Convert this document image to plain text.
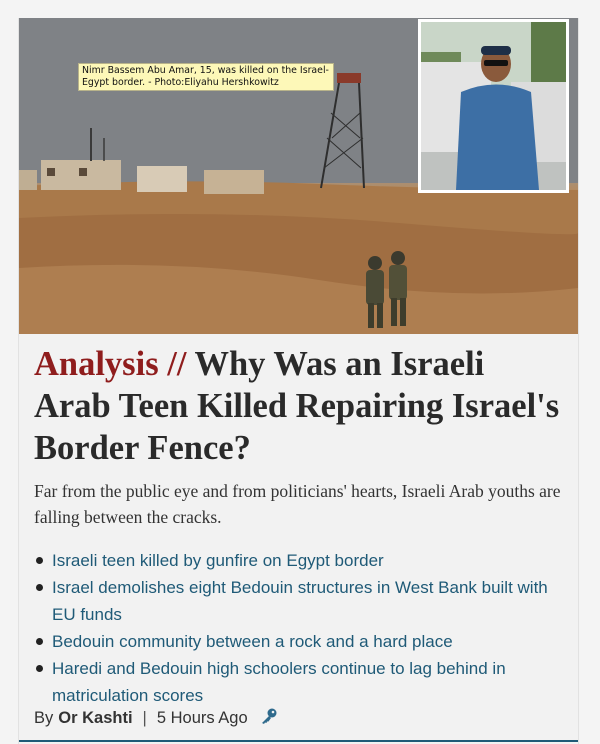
Nimr Bassem Abu Amar, 15, was killed on the Israel-Egypt border. - Photo:Eliyahu Hershkowitz
Analysis // Why Was an Israeli Arab Teen Killed Repairing Israel's Border Fence?

Far from the public eye and from politicians' hearts, Israeli Arab youths are falling between the cracks.

Israeli teen killed by gunfire on Egypt border
Israel demolishes eight Bedouin structures in West Bank built with EU funds
Bedouin community between a rock and a hard place
Haredi and Bedouin high schoolers continue to lag behind in matriculation scores
By Or Kashti | 5 Hours Ago
